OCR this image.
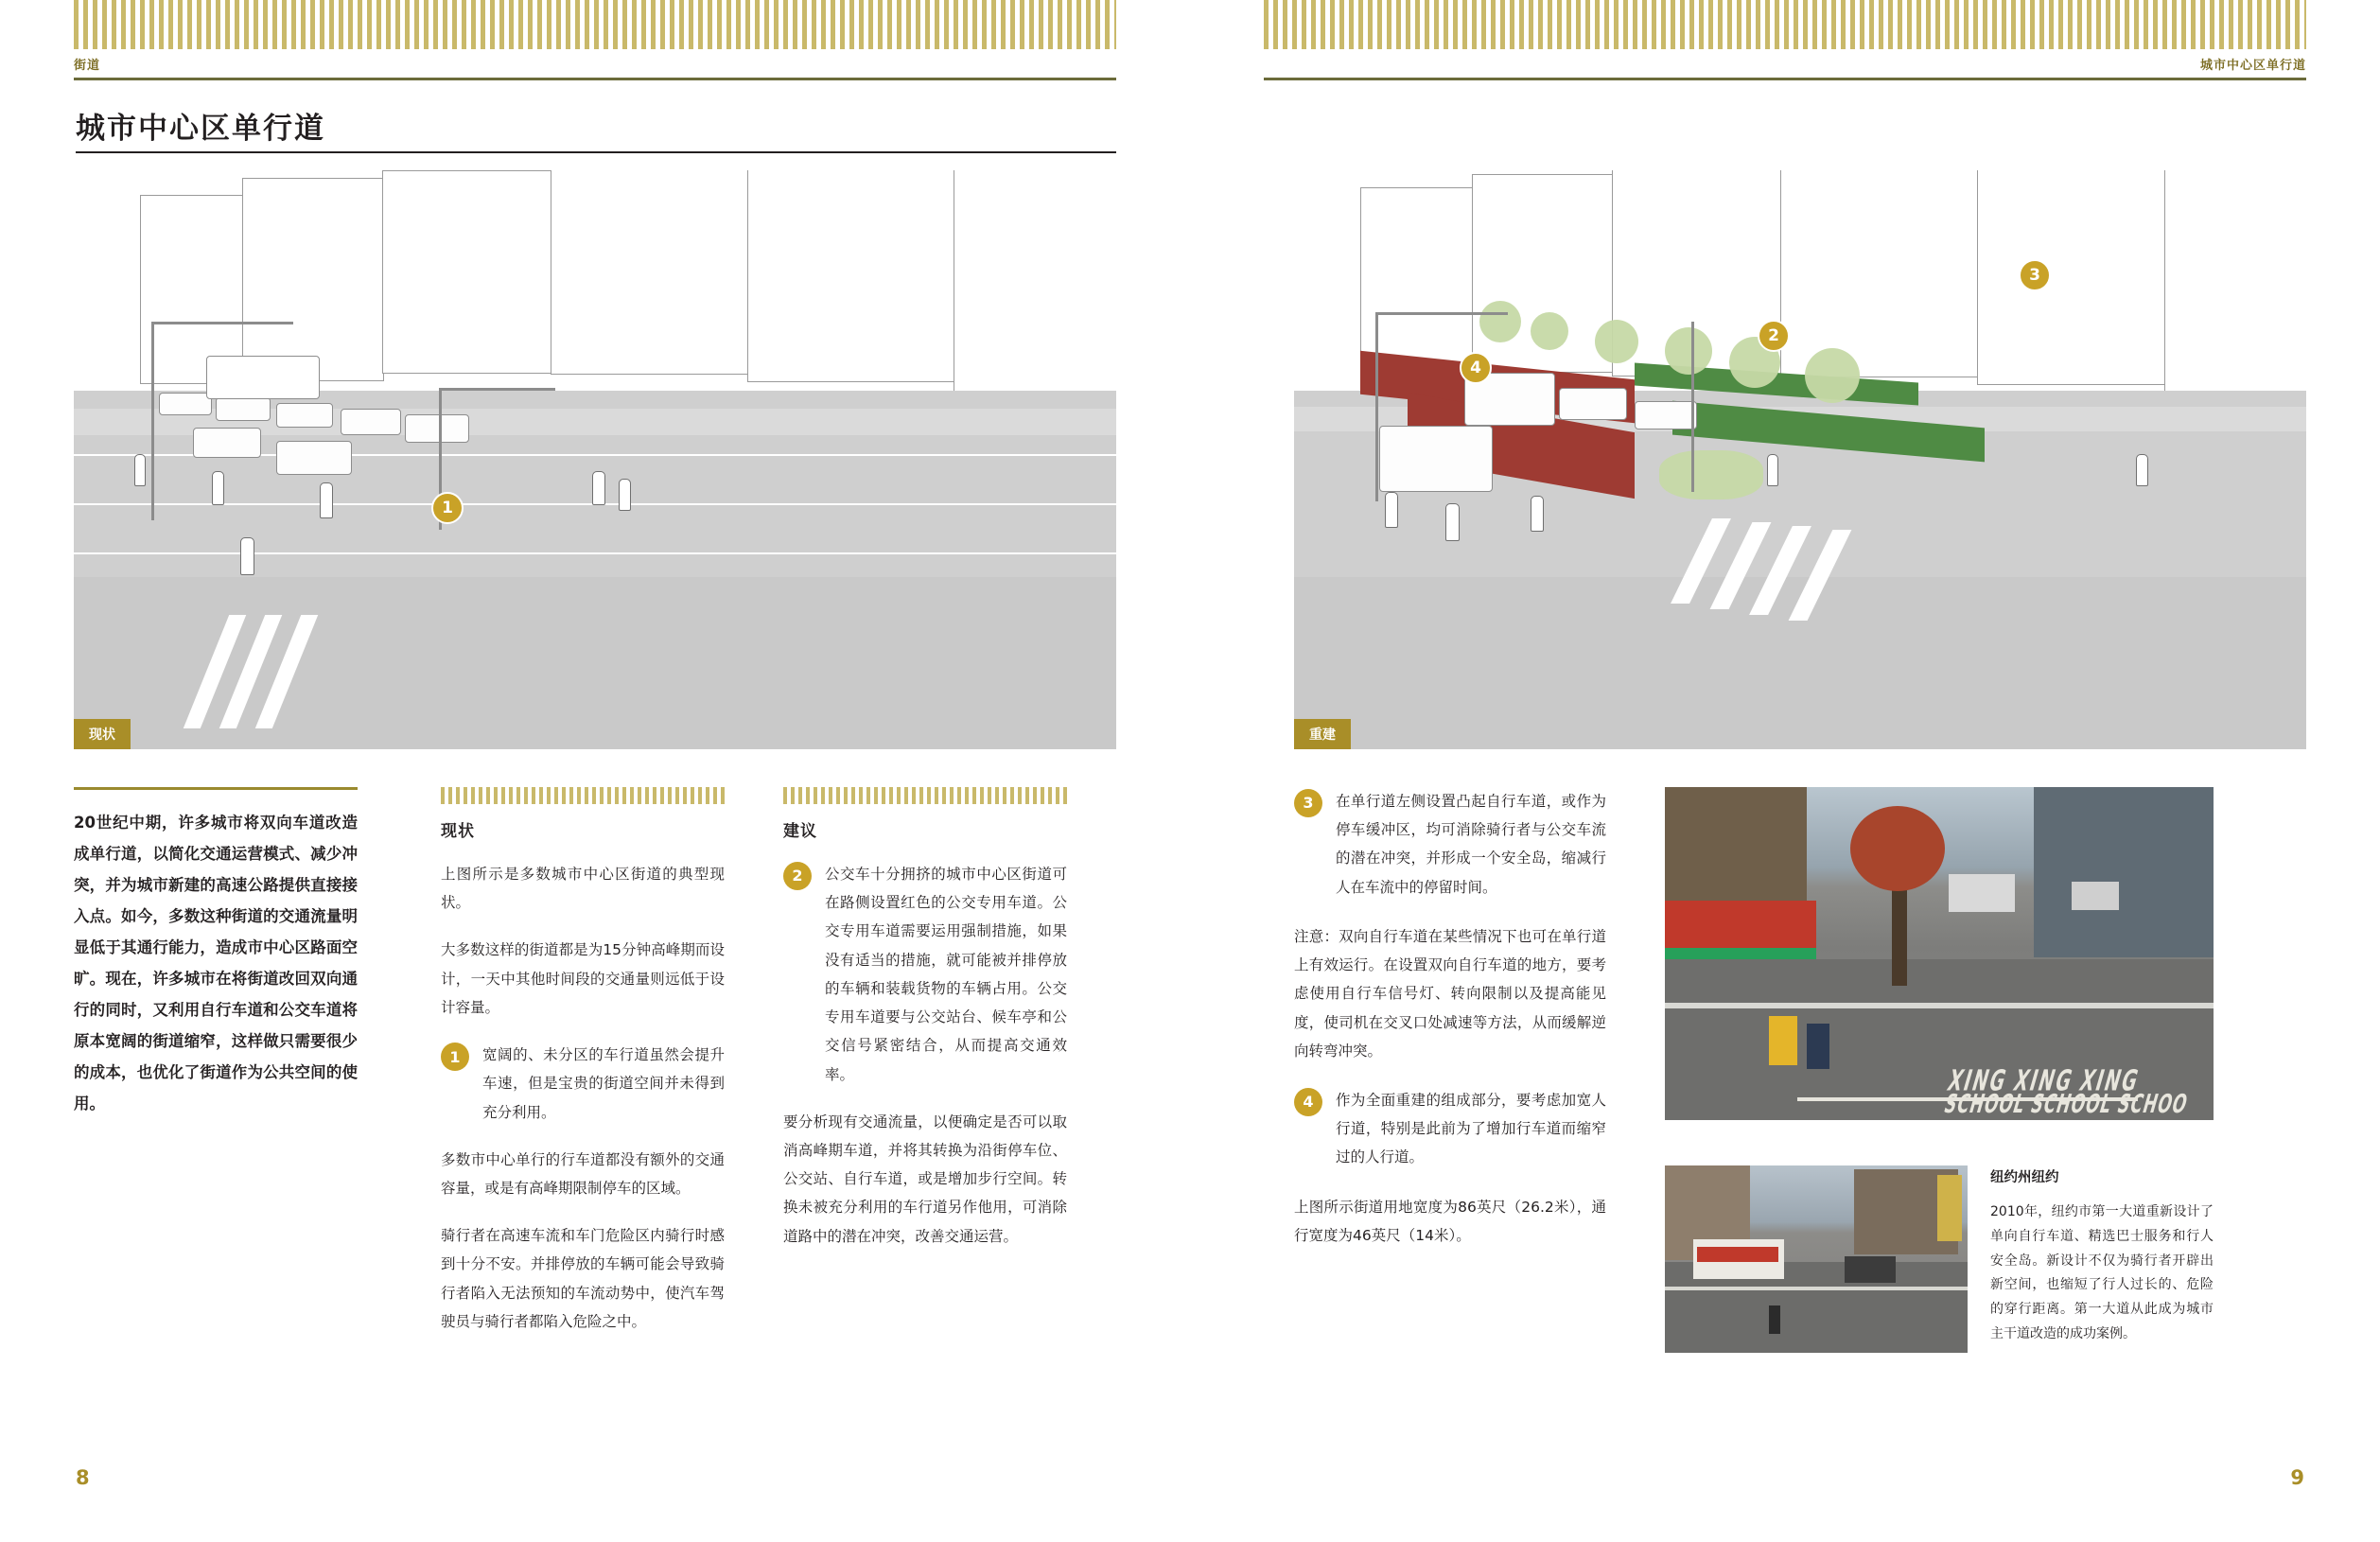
街道
城市中心区单行道
1
现状
20世纪中期，许多城市将双向车道改造成单行道，以简化交通运营模式、减少冲突，并为城市新建的高速公路提供直接接入点。如今，多数这种街道的交通流量明显低于其通行能力，造成市中心区路面空旷。现在，许多城市在将街道改回双向通行的同时，又利用自行车道和公交车道将原本宽阔的街道缩窄，这样做只需要很少的成本，也优化了街道作为公共空间的使用。
现状

上图所示是多数城市中心区街道的典型现状。

大多数这样的街道都是为15分钟高峰期而设计，一天中其他时间段的交通量则远低于设计容量。

1	宽阔的、未分区的车行道虽然会提升车速，但是宝贵的街道空间并未得到充分利用。

多数市中心单行的行车道都没有额外的交通容量，或是有高峰期限制停车的区域。

骑行者在高速车流和车门危险区内骑行时感到十分不安。并排停放的车辆可能会导致骑行者陷入无法预知的车流动势中，使汽车驾驶员与骑行者都陷入危险之中。

建议

2	公交车十分拥挤的城市中心区街道可在路侧设置红色的公交专用车道。公交专用车道需要运用强制措施，如果没有适当的措施，就可能被并排停放的车辆和装载货物的车辆占用。公交专用车道要与公交站台、候车亭和公交信号紧密结合，从而提高交通效率。

要分析现有交通流量，以便确定是否可以取消高峰期车道，并将其转换为沿街停车位、公交站、自行车道，或是增加步行空间。转换未被充分利用的车行道另作他用，可消除道路中的潜在冲突，改善交通运营。

8
城市中心区单行道
3
2
4
重建

3	在单行道左侧设置凸起自行车道，或作为停车缓冲区，均可消除骑行者与公交车流的潜在冲突，并形成一个安全岛，缩减行人在车流中的停留时间。

注意：双向自行车道在某些情况下也可在单行道上有效运行。在设置双向自行车道的地方，要考虑使用自行车信号灯、转向限制以及提高能见度，使司机在交叉口处减速等方法，从而缓解逆向转弯冲突。

4	作为全面重建的组成部分，要考虑加宽人行道，特别是此前为了增加行车道而缩窄过的人行道。

上图所示街道用地宽度为86英尺（26.2米），通行宽度为46英尺（14米）。

XING XING XING
SCHOOL SCHOOL SCHOO
纽约州纽约
2010年，纽约市第一大道重新设计了单向自行车道、精选巴士服务和行人安全岛。新设计不仅为骑行者开辟出新空间，也缩短了行人过长的、危险的穿行距离。第一大道从此成为城市主干道改造的成功案例。
9
